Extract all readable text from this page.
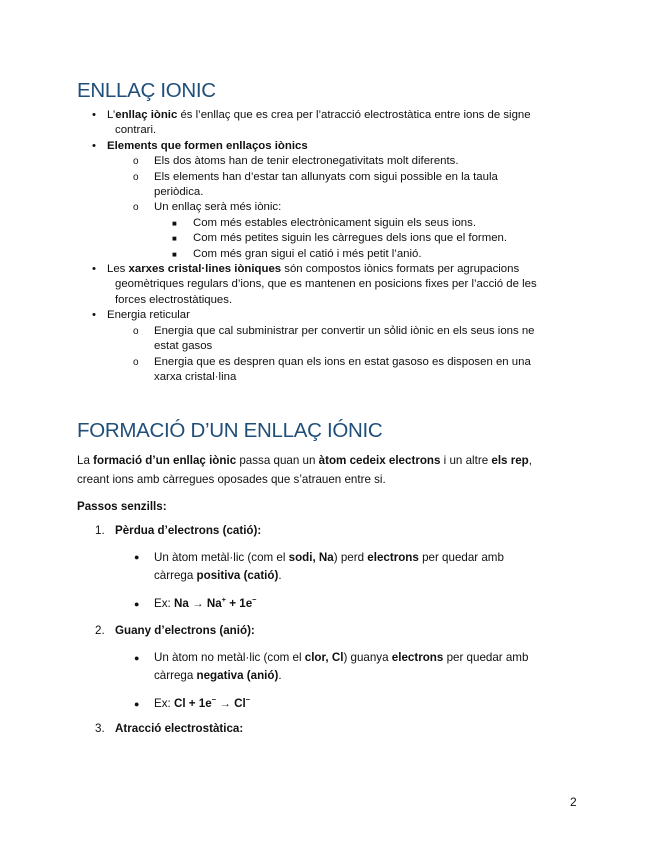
ENLLAÇ IONIC
• L’enllaç iònic és l’enllaç que es crea per l’atracció electrostàtica entre ions de signe
contrari.
• Elements que formen enllaços iònics
o Els dos àtoms han de tenir electronegativitats molt diferents.
o Els elements han d’estar tan allunyats com sigui possible en la taula
periòdica.
o Un enllaç serà més iònic:
■ Com més estables electrònicament siguin els seus ions.
■ Com més petites siguin les càrregues dels ions que el formen.
■ Com més gran sigui el catió i més petit l’anió.
• Les xarxes cristal·lines iòniques són compostos iònics formats per agrupacions
geomètriques regulars d’ions, que es mantenen en posicions fixes per l’acció de les
forces electrostàtiques.
• Energia reticular
o Energia que cal subministrar per convertir un sỏlid iònic en els seus ions ne
estat gasos
o Energia que es despren quan els ions en estat gasoso es disposen en una
xarxa cristal·lina
FORMACIÓ D’UN ENLLAÇ IÓNIC
La formació d’un enllaç iònic passa quan un àtom cedeix electrons i un altre els rep,
creant ions amb càrregues oposades que s’atrauen entre si.
Passos senzills:
1. Pèrdua d’electrons (catió):
● Un àtom metàl·lic (com el sodi, Na) perd electrons per quedar amb
càrrega positiva (catió).
● Ex: Na → Na+ + 1e−
2. Guany d’electrons (anió):
● Un àtom no metàl·lic (com el clor, Cl) guanya electrons per quedar amb
càrrega negativa (anió).
● Ex: Cl + 1e− → Cl−
3. Atracció electrostàtica:
2
